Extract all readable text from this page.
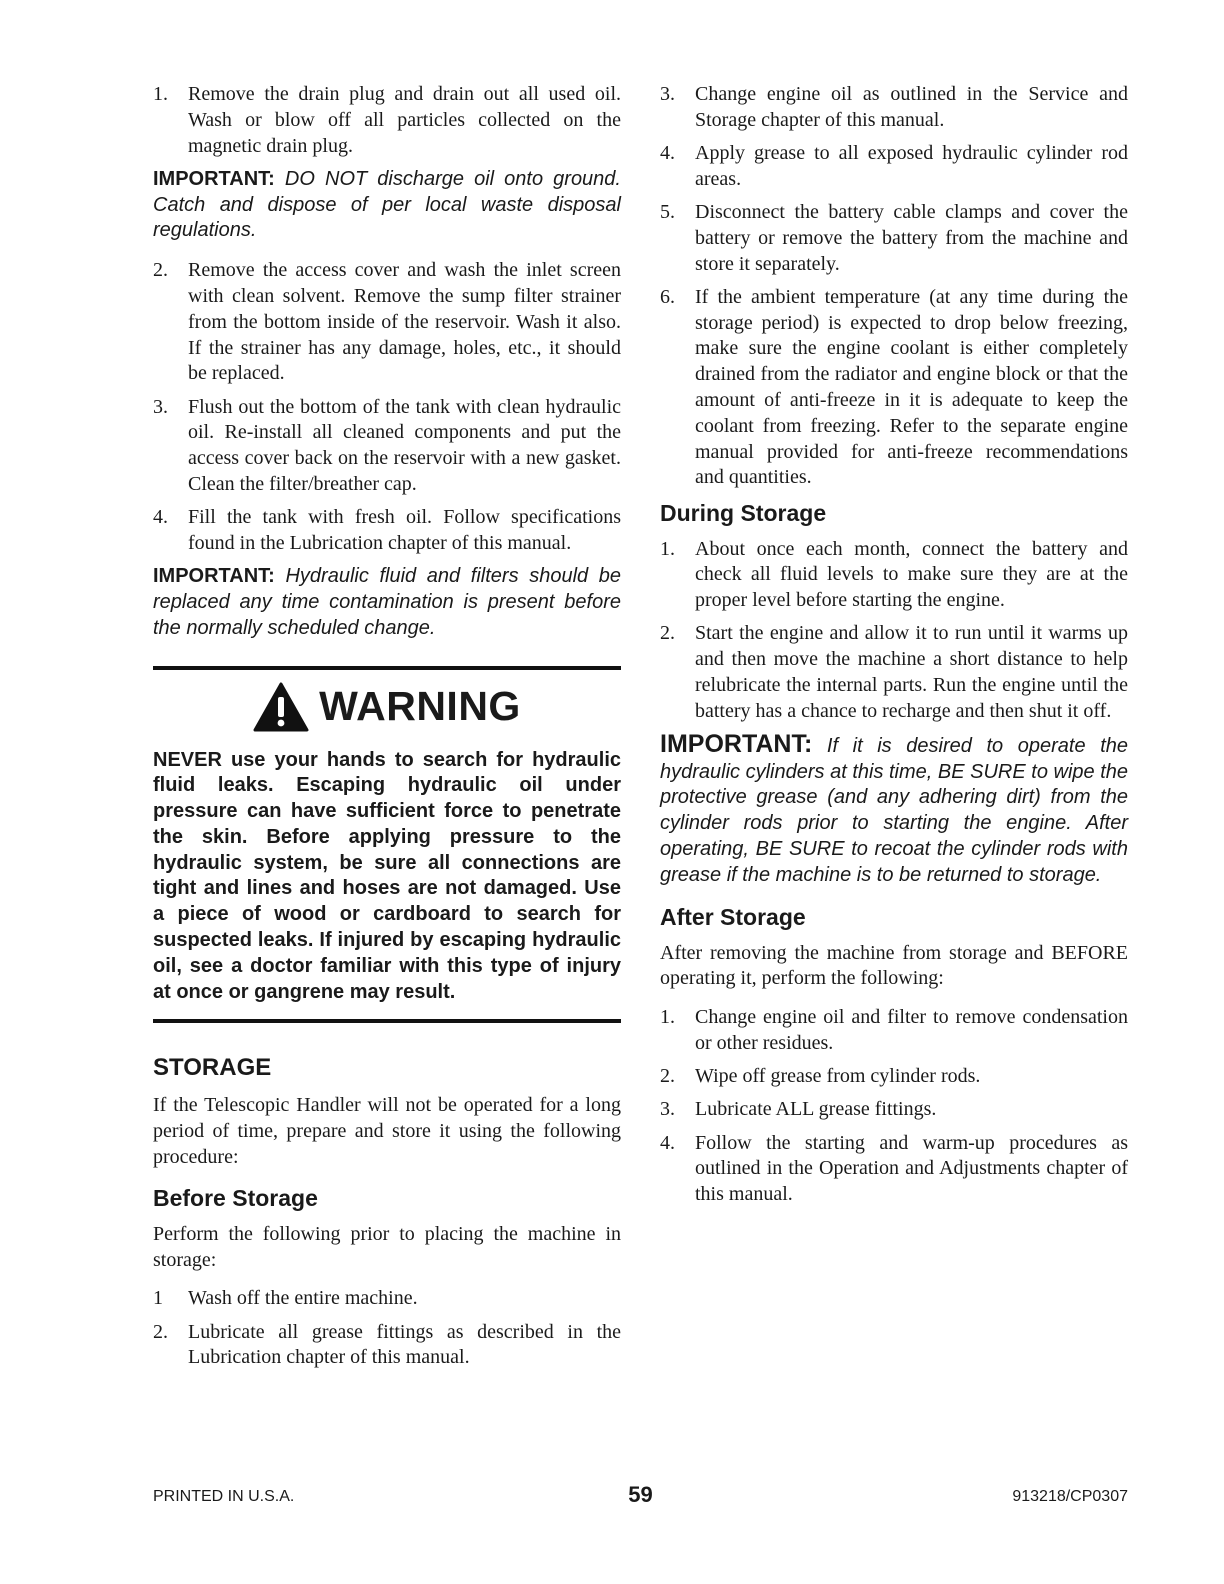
1.	Remove the drain plug and drain out all used oil. Wash or blow off all particles collected on the magnetic drain plug.

IMPORTANT: DO NOT discharge oil onto ground. Catch and dispose of per local waste disposal regulations.

2.	Remove the access cover and wash the inlet screen with clean solvent. Remove the sump filter strainer from the bottom inside of the reservoir. Wash it also. If the strainer has any damage, holes, etc., it should be replaced.
3.	Flush out the bottom of the tank with clean hydraulic oil. Re-install all cleaned components and put the access cover back on the reservoir with a new gasket. Clean the filter/breather cap.
4.	Fill the tank with fresh oil. Follow specifications found in the Lubrication chapter of this manual.

IMPORTANT: Hydraulic fluid and filters should be replaced any time contamination is present before the normally scheduled change.

WARNING

NEVER use your hands to search for hydraulic fluid leaks. Escaping hydraulic oil under pressure can have sufficient force to penetrate the skin. Before applying pressure to the hydraulic system, be sure all connections are tight and lines and hoses are not damaged. Use a piece of wood or cardboard to search for suspected leaks. If injured by escaping hydraulic oil, see a doctor familiar with this type of injury at once or gangrene may result.

STORAGE

If the Telescopic Handler will not be operated for a long period of time, prepare and store it using the following procedure:

Before Storage

Perform the following prior to placing the machine in storage:

1	Wash off the entire machine.
2.	Lubricate all grease fittings as described in the Lubrication chapter of this manual.
3.	Change engine oil as outlined in the Service and Storage chapter of this manual.
4.	Apply grease to all exposed hydraulic cylinder rod areas.
5.	Disconnect the battery cable clamps and cover the battery or remove the battery from the machine and store it separately.
6.	If the ambient temperature (at any time during the storage period) is expected to drop below freezing, make sure the engine coolant is either completely drained from the radiator and engine block or that the amount of anti-freeze in it is adequate to keep the coolant from freezing. Refer to the separate engine manual provided for anti-freeze recommendations and quantities.
During Storage
1.	About once each month, connect the battery and check all fluid levels to make sure they are at the proper level before starting the engine.
2.	Start the engine and allow it to run until it warms up and then move the machine a short distance to help relubricate the internal parts. Run the engine until the battery has a chance to recharge and then shut it off.

IMPORTANT: If it is desired to operate the hydraulic cylinders at this time, BE SURE to wipe the protective grease (and any adhering dirt) from the cylinder rods prior to starting the engine. After operating, BE SURE to recoat the cylinder rods with grease if the machine is to be returned to storage.

After Storage

After removing the machine from storage and BEFORE operating it, perform the following:

1.	Change engine oil and filter to remove condensation or other residues.
2.	Wipe off grease from cylinder rods.
3.	Lubricate ALL grease fittings.
4.	Follow the starting and warm-up procedures as outlined in the Operation and Adjustments chapter of this manual.
PRINTED IN U.S.A.	59	913218/CP0307
